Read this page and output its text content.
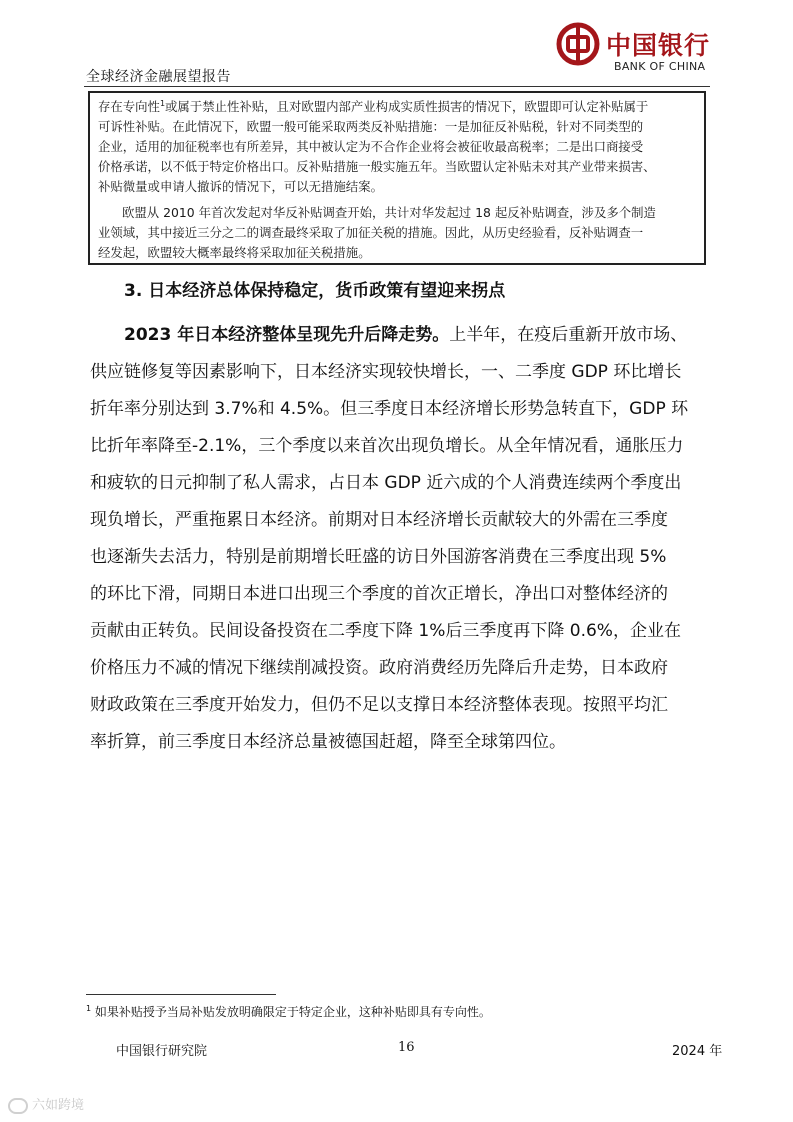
全球经济金融展望报告
中国银行
BANK OF CHINA
存在专向性$^1$或属于禁止性补贴，且对欧盟内部产业构成实质性损害的情况下，欧盟即可认定补贴属于
可诉性补贴。在此情况下，欧盟一般可能采取两类反补贴措施：一是加征反补贴税，针对不同类型的
企业，适用的加征税率也有所差异，其中被认定为不合作企业将会被征收最高税率；二是出口商接受
价格承诺，以不低于特定价格出口。反补贴措施一般实施五年。当欧盟认定补贴未对其产业带来损害、
补贴微量或申请人撤诉的情况下，可以无措施结案。
欧盟从 2010 年首次发起对华反补贴调查开始，共计对华发起过 18 起反补贴调查，涉及多个制造
业领域，其中接近三分之二的调查最终采取了加征关税的措施。因此，从历史经验看，反补贴调查一
经发起，欧盟较大概率最终将采取加征关税措施。
3. 日本经济总体保持稳定，货币政策有望迎来拐点
2023 年日本经济整体呈现先升后降走势。上半年，在疫后重新开放市场、
供应链修复等因素影响下，日本经济实现较快增长，一、二季度 GDP 环比增长
折年率分别达到 3.7%和 4.5%。但三季度日本经济增长形势急转直下，GDP 环
比折年率降至-2.1%，三个季度以来首次出现负增长。从全年情况看，通胀压力
和疲软的日元抑制了私人需求，占日本 GDP 近六成的个人消费连续两个季度出
现负增长，严重拖累日本经济。前期对日本经济增长贡献较大的外需在三季度
也逐渐失去活力，特别是前期增长旺盛的访日外国游客消费在三季度出现 5%
的环比下滑，同期日本进口出现三个季度的首次正增长，净出口对整体经济的
贡献由正转负。民间设备投资在二季度下降 1%后三季度再下降 0.6%，企业在
价格压力不减的情况下继续削减投资。政府消费经历先降后升走势，日本政府
财政政策在三季度开始发力，但仍不足以支撑日本经济整体表现。按照平均汇
率折算，前三季度日本经济总量被德国赶超，降至全球第四位。
$^1$ 如果补贴授予当局补贴发放明确限定于特定企业，这种补贴即具有专向性。
中国银行研究院	16	2024 年
六如跨境
